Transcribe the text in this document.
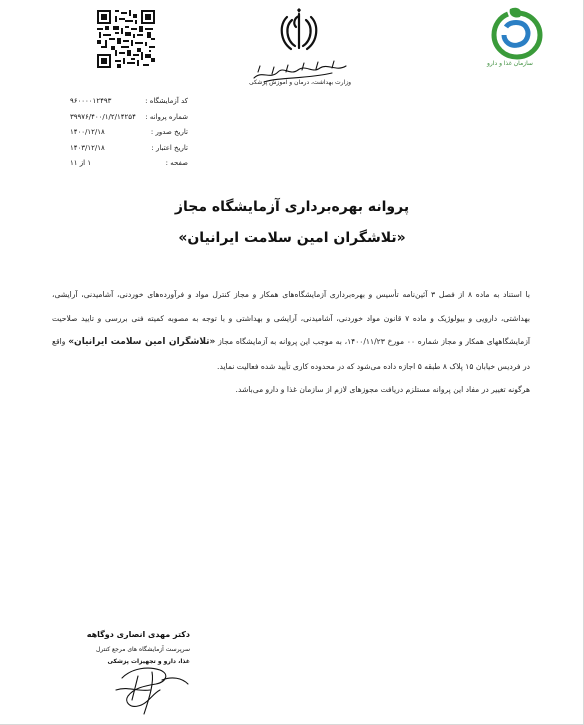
وزارت بهداشت، درمان و آموزش پزشکی
سازمان غذا و دارو
کد آزمایشگاه :
۹۶۰۰۰۰۱۲۴۹۳
شماره پروانه :
۳۹۹۷۶/۴۰۰/۱/۲/۱۴۲۵۴
تاریخ صدور :
۱۴۰۰/۱۲/۱۸
تاریخ اعتبار :
۱۴۰۳/۱۲/۱۸
صفحه :
۱ از ۱۱
پروانه بهره‌برداری آزمایشگاه مجاز
«تلاشگران امین سلامت ایرانیان»

با استناد به ماده ۸ از فصل ۳ آئین‌نامه تأسیس و بهره‌برداری آزمایشگاه‌های همکار و مجاز کنترل مواد و فرآورده‌های خوردنی، آشامیدنی، آرایشی، بهداشتی، دارویی و بیولوژیک و ماده ۷ قانون مواد خوردنی، آشامیدنی، آرایشی و بهداشتی و با توجه به مصوبه کمیته فنی بررسی و تایید صلاحیت آزمایشگاههای همکار و مجاز شماره ۰۰ مورخ ۱۴۰۰/۱۱/۲۳، به موجب این پروانه به آزمایشگاه مجاز «تلاشگران امین سلامت ایرانیان» واقع در فردیس خیابان ۱۵ پلاک ۸ طبقه ۵ اجازه داده می‌شود که در محدوده کاری تأیید شده فعالیت نماید.

هرگونه تغییر در مفاد این پروانه مستلزم دریافت مجوزهای لازم از سازمان غذا و دارو می‌باشد.

دکتر مهدی انصاری دوگاهه
سرپرست آزمایشگاه های مرجع کنترل
غذا، دارو و تجهیزات پزشکی
